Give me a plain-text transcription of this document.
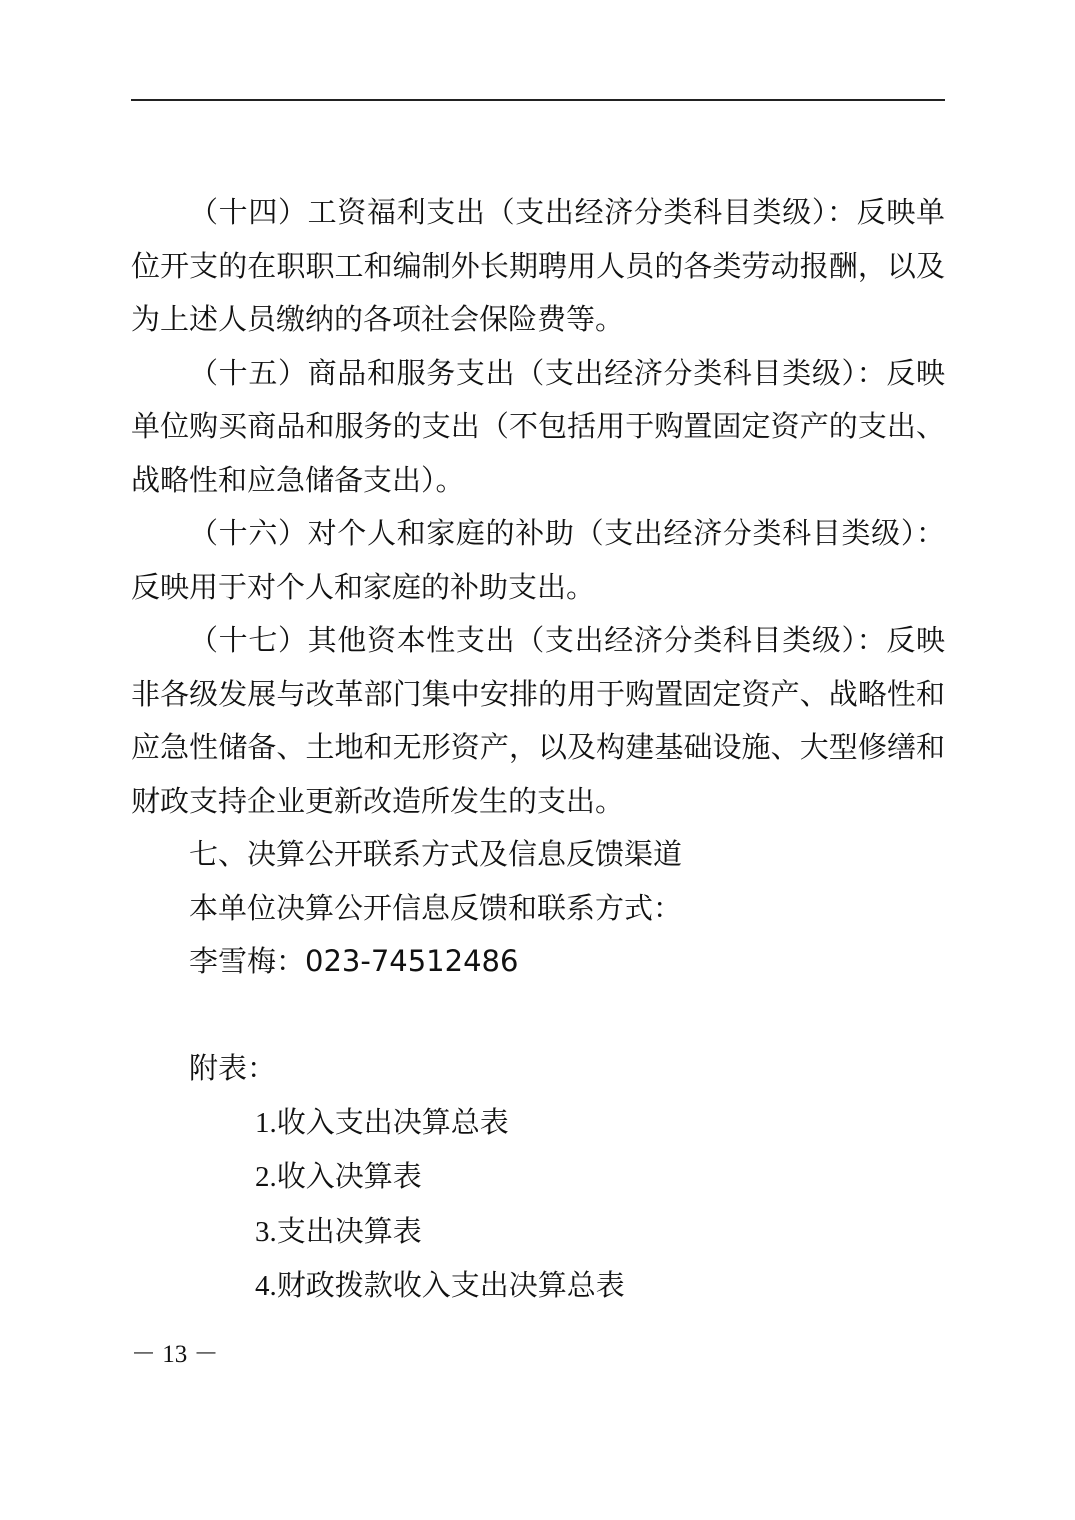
（十四）工资福利支出（支出经济分类科目类级）：反映单位开支的在职职工和编制外长期聘用人员的各类劳动报酬，以及为上述人员缴纳的各项社会保险费等。

（十五）商品和服务支出（支出经济分类科目类级）：反映单位购买商品和服务的支出（不包括用于购置固定资产的支出、战略性和应急储备支出）。

（十六）对个人和家庭的补助（支出经济分类科目类级）：反映用于对个人和家庭的补助支出。

（十七）其他资本性支出（支出经济分类科目类级）：反映非各级发展与改革部门集中安排的用于购置固定资产、战略性和应急性储备、土地和无形资产，以及构建基础设施、大型修缮和财政支持企业更新改造所发生的支出。

七、决算公开联系方式及信息反馈渠道

本单位决算公开信息反馈和联系方式：

李雪梅：023-74512486

附表：

1.收入支出决算总表

2.收入决算表

3.支出决算表

4.财政拨款收入支出决算总表

－ 13 －
